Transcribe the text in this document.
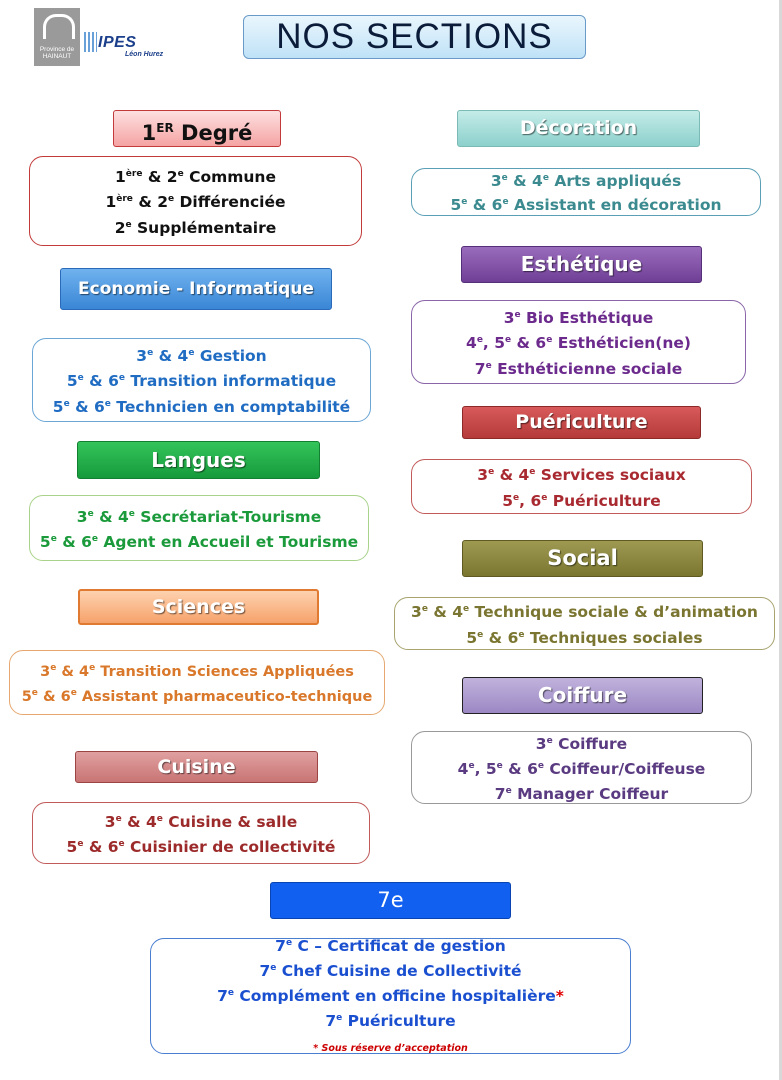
Province de HAINAUT
IPES
Léon Hurez	NOS SECTIONS
1ER Degré
1ère & 2e Commune
1ère & 2e Différenciée
2e Supplémentaire
Economie - Informatique
3e & 4e Gestion
5e & 6e Transition informatique
5e & 6e Technicien en comptabilité
Langues
3e & 4e Secrétariat-Tourisme
5e & 6e Agent en Accueil et Tourisme
Sciences
3e & 4e Transition Sciences Appliquées
5e & 6e Assistant pharmaceutico-technique
Cuisine
3e & 4e Cuisine & salle
5e & 6e Cuisinier de collectivité
Décoration
3e & 4e Arts appliqués
5e & 6e Assistant en décoration
Esthétique
3e Bio Esthétique
4e, 5e & 6e Esthéticien(ne)
7e Esthéticienne sociale
Puériculture
3e & 4e Services sociaux
5e, 6e Puériculture
Social
3e & 4e Technique sociale & d’animation
5e & 6e Techniques sociales
Coiffure
3e Coiffure
4e, 5e & 6e Coiffeur/Coiffeuse
7e Manager Coiffeur
7e
7e C – Certificat de gestion
7e Chef Cuisine de Collectivité
7e Complément en officine hospitalière*
7e Puériculture
* Sous réserve d’acceptation
